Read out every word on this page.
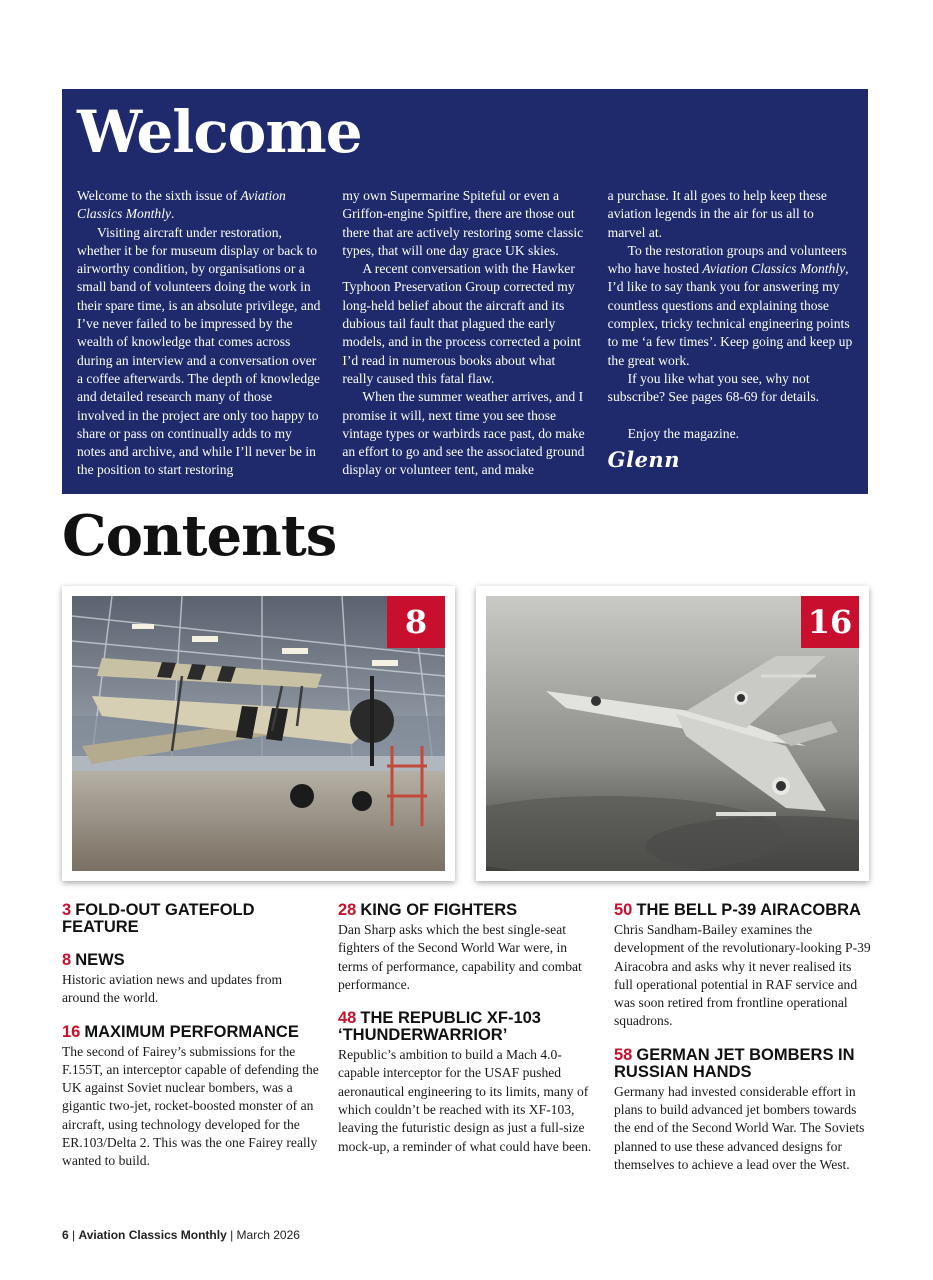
Welcome

Welcome to the sixth issue of Aviation Classics Monthly.

Visiting aircraft under restoration, whether it be for museum display or back to airworthy condition, by organisations or a small band of volunteers doing the work in their spare time, is an absolute privilege, and I’ve never failed to be impressed by the wealth of knowledge that comes across during an interview and a conversation over a coffee afterwards. The depth of knowledge and detailed research many of those involved in the project are only too happy to share or pass on continually adds to my notes and archive, and while I’ll never be in the position to start restoring

my own Supermarine Spiteful or even a Griffon-engine Spitfire, there are those out there that are actively restoring some classic types, that will one day grace UK skies.

A recent conversation with the Hawker Typhoon Preservation Group corrected my long-held belief about the aircraft and its dubious tail fault that plagued the early models, and in the process corrected a point I’d read in numerous books about what really caused this fatal flaw.

When the summer weather arrives, and I promise it will, next time you see those vintage types or warbirds race past, do make an effort to go and see the associated ground display or volunteer tent, and make

a purchase. It all goes to help keep these aviation legends in the air for us all to marvel at.

To the restoration groups and volunteers who have hosted Aviation Classics Monthly, I’d like to say thank you for answering my countless questions and explaining those complex, tricky technical engineering points to me ‘a few times’. Keep going and keep up the great work.

If you like what you see, why not subscribe? See pages 68-69 for details.

Enjoy the magazine.

Glenn
Contents
8	16
3 FOLD-OUT GATEFOLD FEATURE
8 NEWS

Historic aviation news and updates from around the world.

16 MAXIMUM PERFORMANCE

The second of Fairey’s submissions for the F.155T, an interceptor capable of defending the UK against Soviet nuclear bombers, was a gigantic two-jet, rocket-boosted monster of an aircraft, using technology developed for the ER.103/Delta 2. This was the one Fairey really wanted to build.

28 KING OF FIGHTERS

Dan Sharp asks which the best single-seat fighters of the Second World War were, in terms of performance, capability and combat performance.

48 THE REPUBLIC XF-103 ‘THUNDERWARRIOR’

Republic’s ambition to build a Mach 4.0-capable interceptor for the USAF pushed aeronautical engineering to its limits, many of which couldn’t be reached with its XF-103, leaving the futuristic design as just a full-size mock-up, a reminder of what could have been.

50 THE BELL P-39 AIRACOBRA

Chris Sandham-Bailey examines the development of the revolutionary-looking P-39 Airacobra and asks why it never realised its full operational potential in RAF service and was soon retired from frontline operational squadrons.

58 GERMAN JET BOMBERS IN RUSSIAN HANDS

Germany had invested considerable effort in plans to build advanced jet bombers towards the end of the Second World War. The Soviets planned to use these advanced designs for themselves to achieve a lead over the West.

6 | Aviation Classics Monthly | March 2026
